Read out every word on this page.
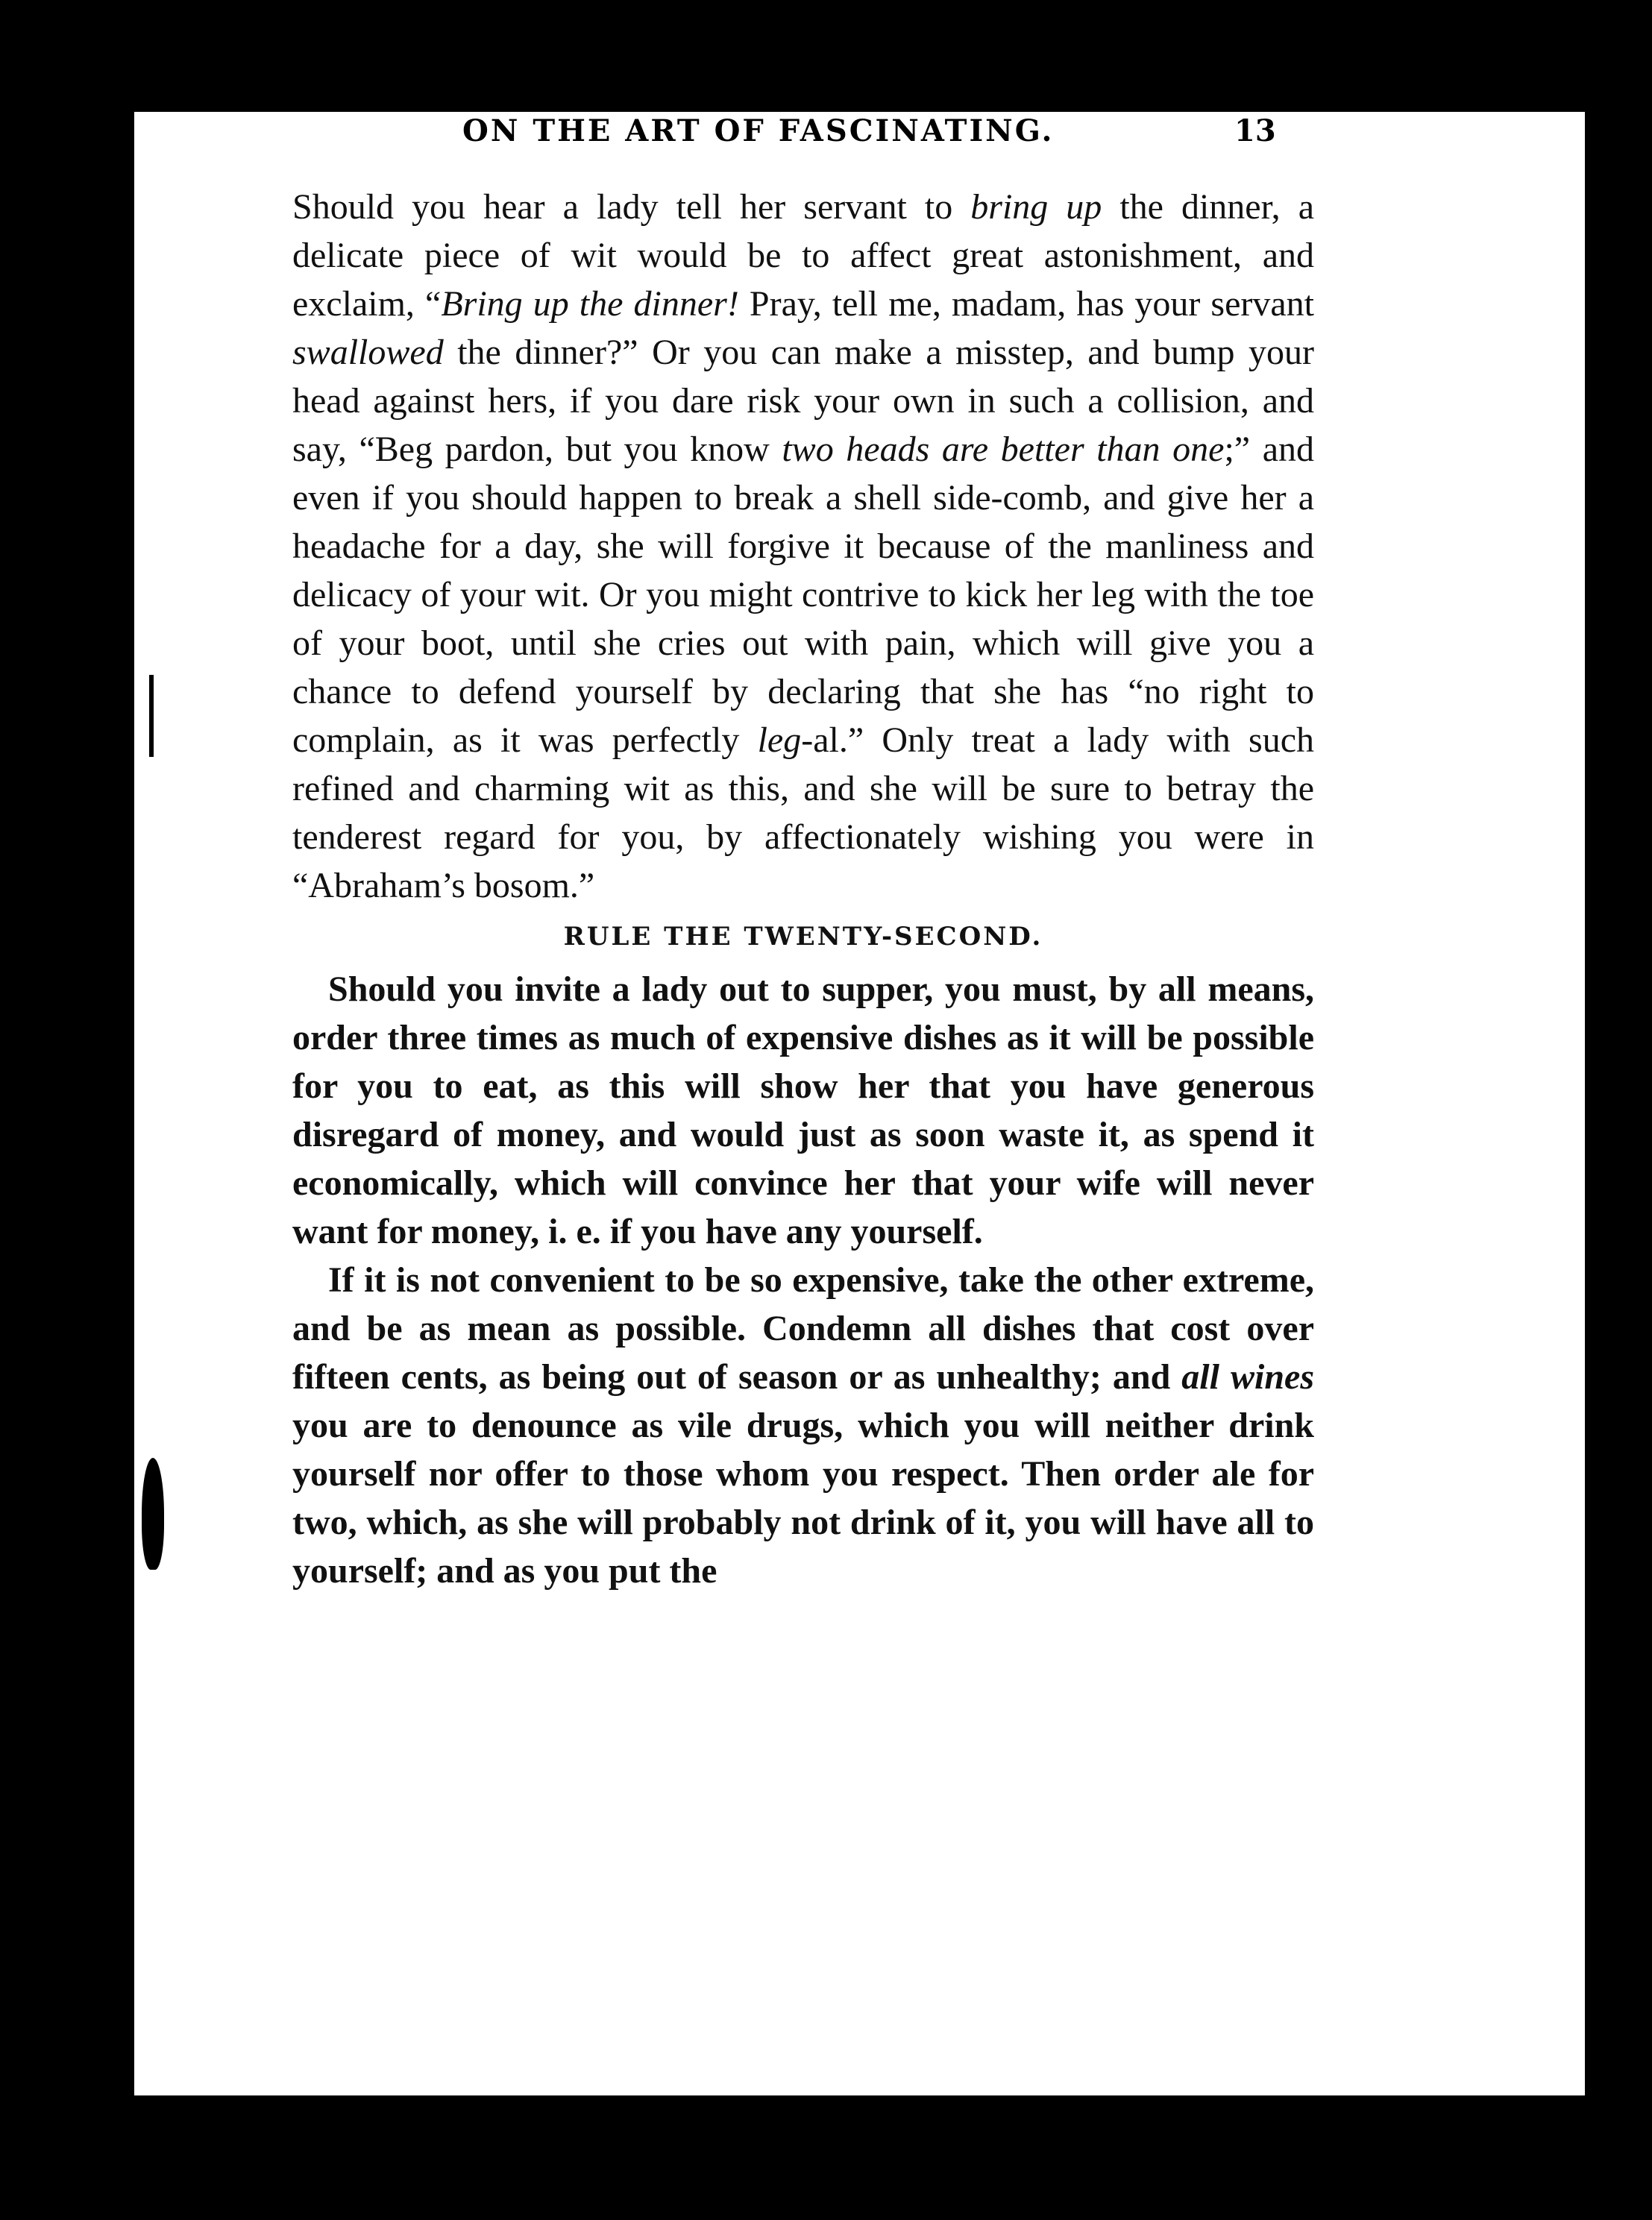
ON THE ART OF FASCINATING.	13

Should you hear a lady tell her servant to bring up the dinner, a delicate piece of wit would be to affect great astonishment, and exclaim, “Bring up the dinner! Pray, tell me, madam, has your servant swallowed the dinner?” Or you can make a misstep, and bump your head against hers, if you dare risk your own in such a collision, and say, “Beg pardon, but you know two heads are better than one;” and even if you should happen to break a shell side-comb, and give her a headache for a day, she will forgive it because of the manliness and delicacy of your wit. Or you might contrive to kick her leg with the toe of your boot, until she cries out with pain, which will give you a chance to defend yourself by declaring that she has “no right to complain, as it was perfectly leg-al.” Only treat a lady with such refined and charming wit as this, and she will be sure to betray the tenderest regard for you, by affectionately wishing you were in “Abraham’s bosom.”

RULE THE TWENTY-SECOND.

Should you invite a lady out to supper, you must, by all means, order three times as much of expensive dishes as it will be possible for you to eat, as this will show her that you have generous disregard of money, and would just as soon waste it, as spend it economically, which will convince her that your wife will never want for money, i. e. if you have any yourself.

If it is not convenient to be so expensive, take the other extreme, and be as mean as possible. Condemn all dishes that cost over fifteen cents, as being out of season or as unhealthy; and all wines you are to denounce as vile drugs, which you will neither drink yourself nor offer to those whom you respect. Then order ale for two, which, as she will probably not drink of it, you will have all to yourself; and as you put the
